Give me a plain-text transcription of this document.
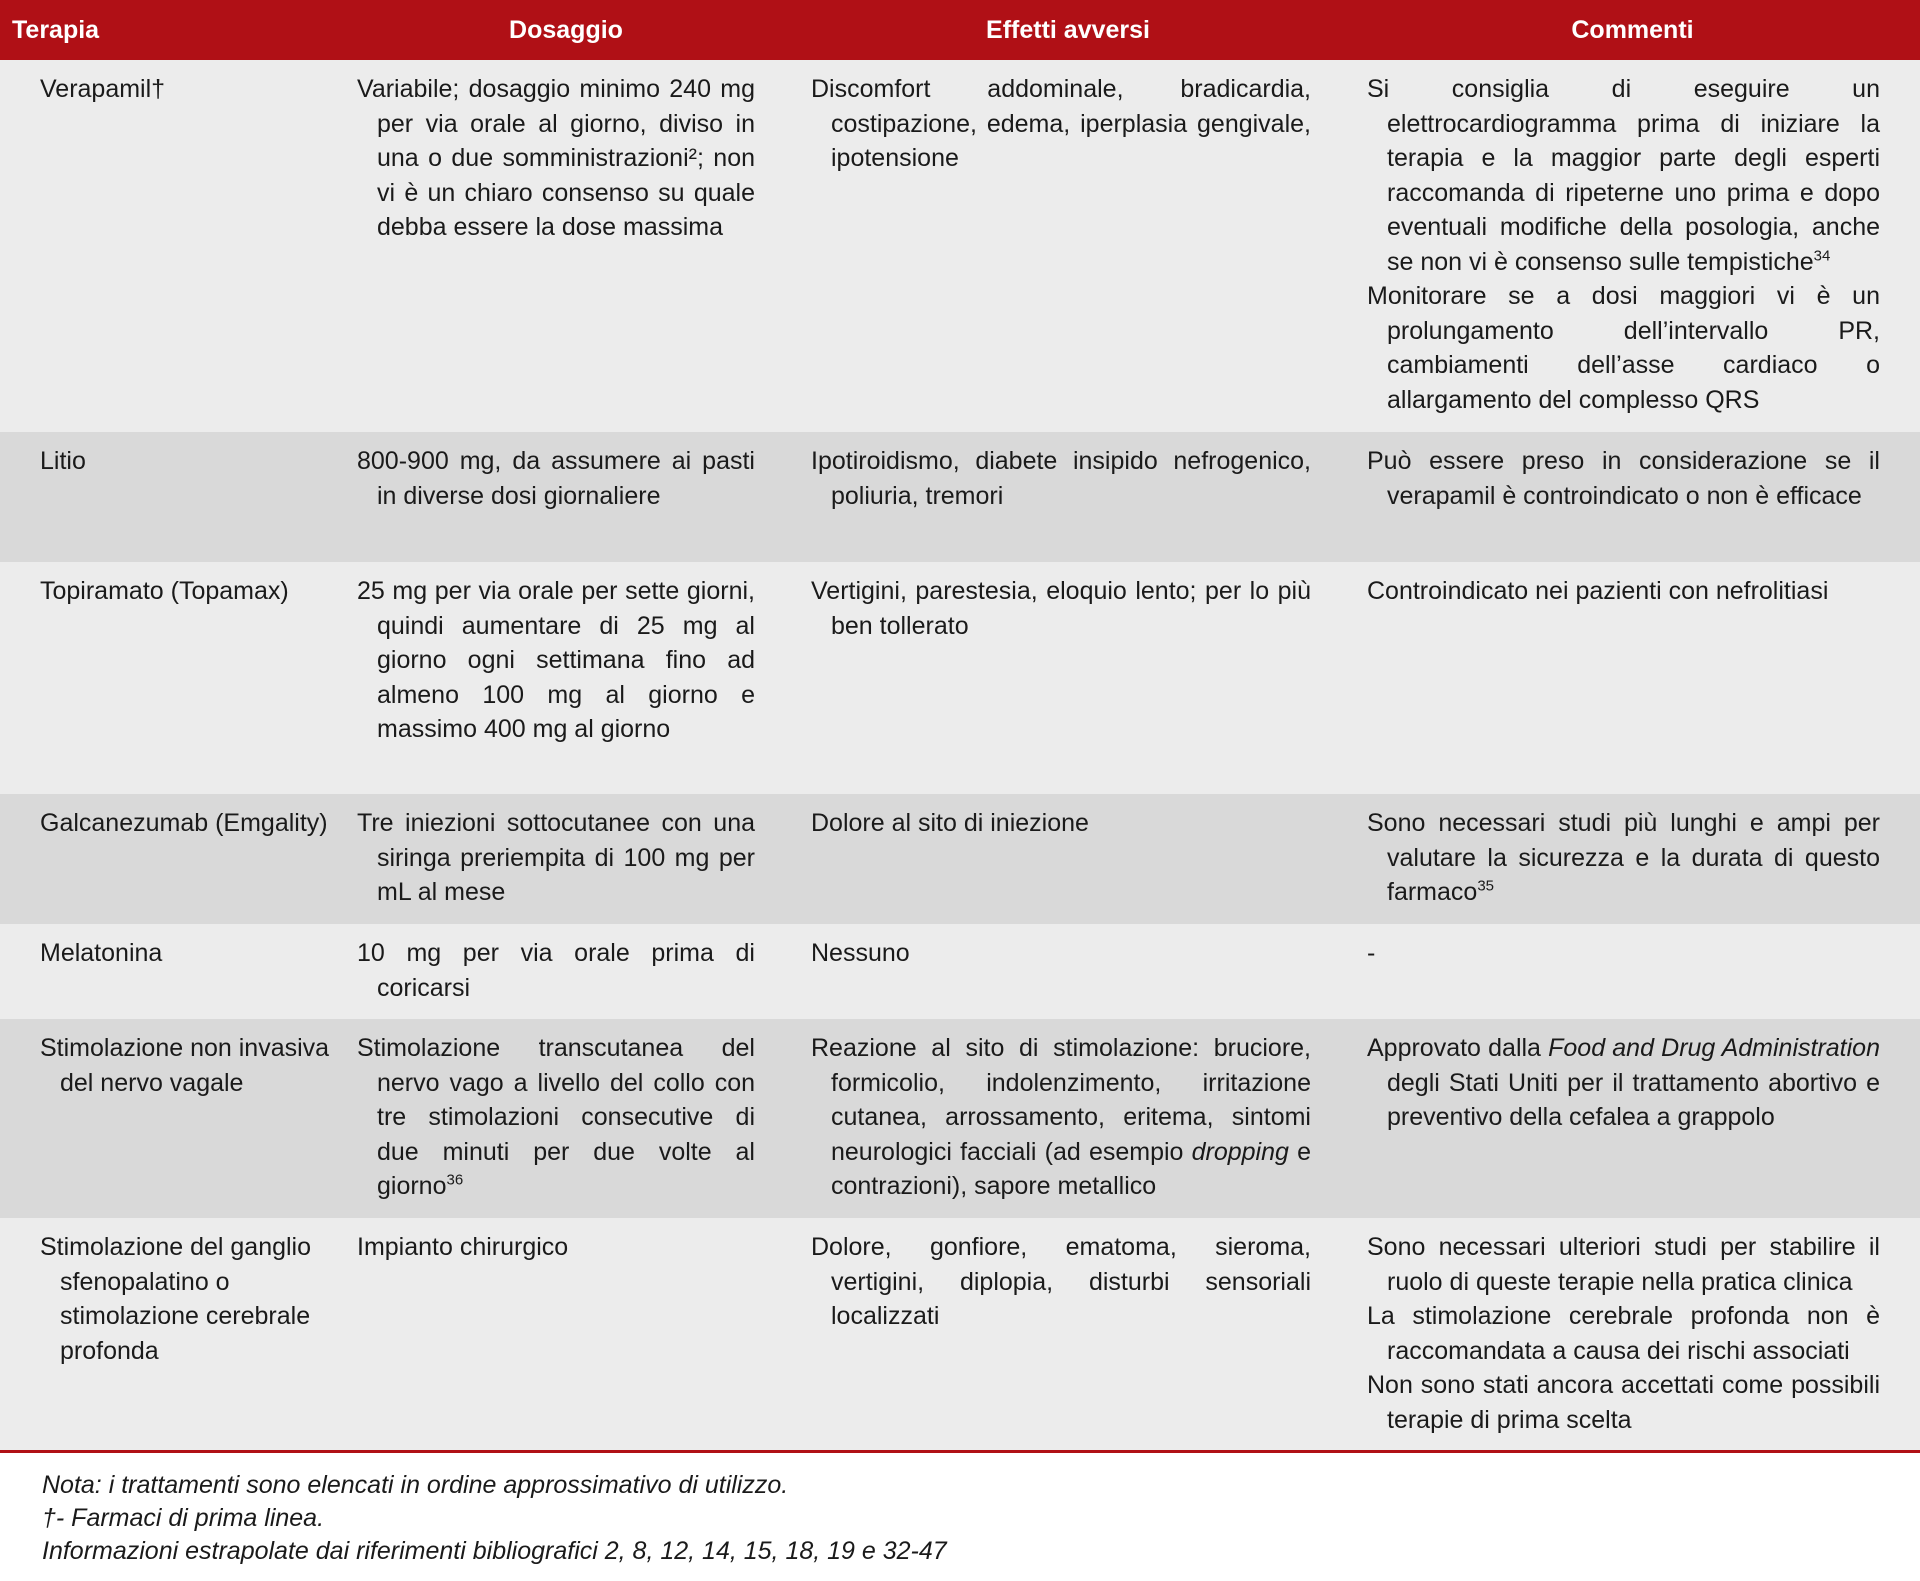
Terapia	Dosaggio	Effetti avversi	Commenti

Verapamil†	Variabile; dosaggio minimo 240 mg per via orale al giorno, diviso in una o due somministrazioni²; non vi è un chiaro consenso su quale debba essere la dose massima	Discomfort addominale, bradicardia, costipazione, edema, iperplasia gengivale, ipotensione	Si consiglia di eseguire un elettrocardiogramma prima di iniziare la terapia e la maggior parte degli esperti raccomanda di ripeterne uno prima e dopo eventuali modifiche della posologia, anche se non vi è consenso sulle tempistiche$^{34}$
Monitorare se a dosi maggiori vi è un prolungamento dell’intervallo PR, cambiamenti dell’asse cardiaco o allargamento del complesso QRS

Litio	800-900 mg, da assumere ai pasti in diverse dosi giornaliere	Ipotiroidismo, diabete insipido nefrogenico, poliuria, tremori	Può essere preso in considerazione se il verapamil è controindicato o non è efficace

Topiramato (Topamax)	25 mg per via orale per sette giorni, quindi aumentare di 25 mg al giorno ogni settimana fino ad almeno 100 mg al giorno e massimo 400 mg al giorno	Vertigini, parestesia, eloquio lento; per lo più ben tollerato	Controindicato nei pazienti con nefrolitiasi

Galcanezumab (Emgality)	Tre iniezioni sottocutanee con una siringa preriempita di 100 mg per mL al mese	Dolore al sito di iniezione	Sono necessari studi più lunghi e ampi per valutare la sicurezza e la durata di questo farmaco$^{35}$

Melatonina	10 mg per via orale prima di coricarsi	Nessuno	-

Stimolazione non invasiva del nervo vagale	Stimolazione transcutanea del nervo vago a livello del collo con tre stimolazioni consecutive di due minuti per due volte al giorno$^{36}$	Reazione al sito di stimolazione: bruciore, formicolio, indolenzimento, irritazione cutanea, arrossamento, eritema, sintomi neurologici facciali (ad esempio dropping e contrazioni), sapore metallico	Approvato dalla Food and Drug Administration degli Stati Uniti per il trattamento abortivo e preventivo della cefalea a grappolo

Stimolazione del ganglio sfenopalatino o stimolazione cerebrale profonda	Impianto chirurgico	Dolore, gonfiore, ematoma, sieroma, vertigini, diplopia, disturbi sensoriali localizzati	Sono necessari ulteriori studi per stabilire il ruolo di queste terapie nella pratica clinica
La stimolazione cerebrale profonda non è raccomandata a causa dei rischi associati
Non sono stati ancora accettati come possibili terapie di prima scelta
Nota: i trattamenti sono elencati in ordine approssimativo di utilizzo.
†- Farmaci di prima linea.
Informazioni estrapolate dai riferimenti bibliografici 2, 8, 12, 14, 15, 18, 19 e 32-47
